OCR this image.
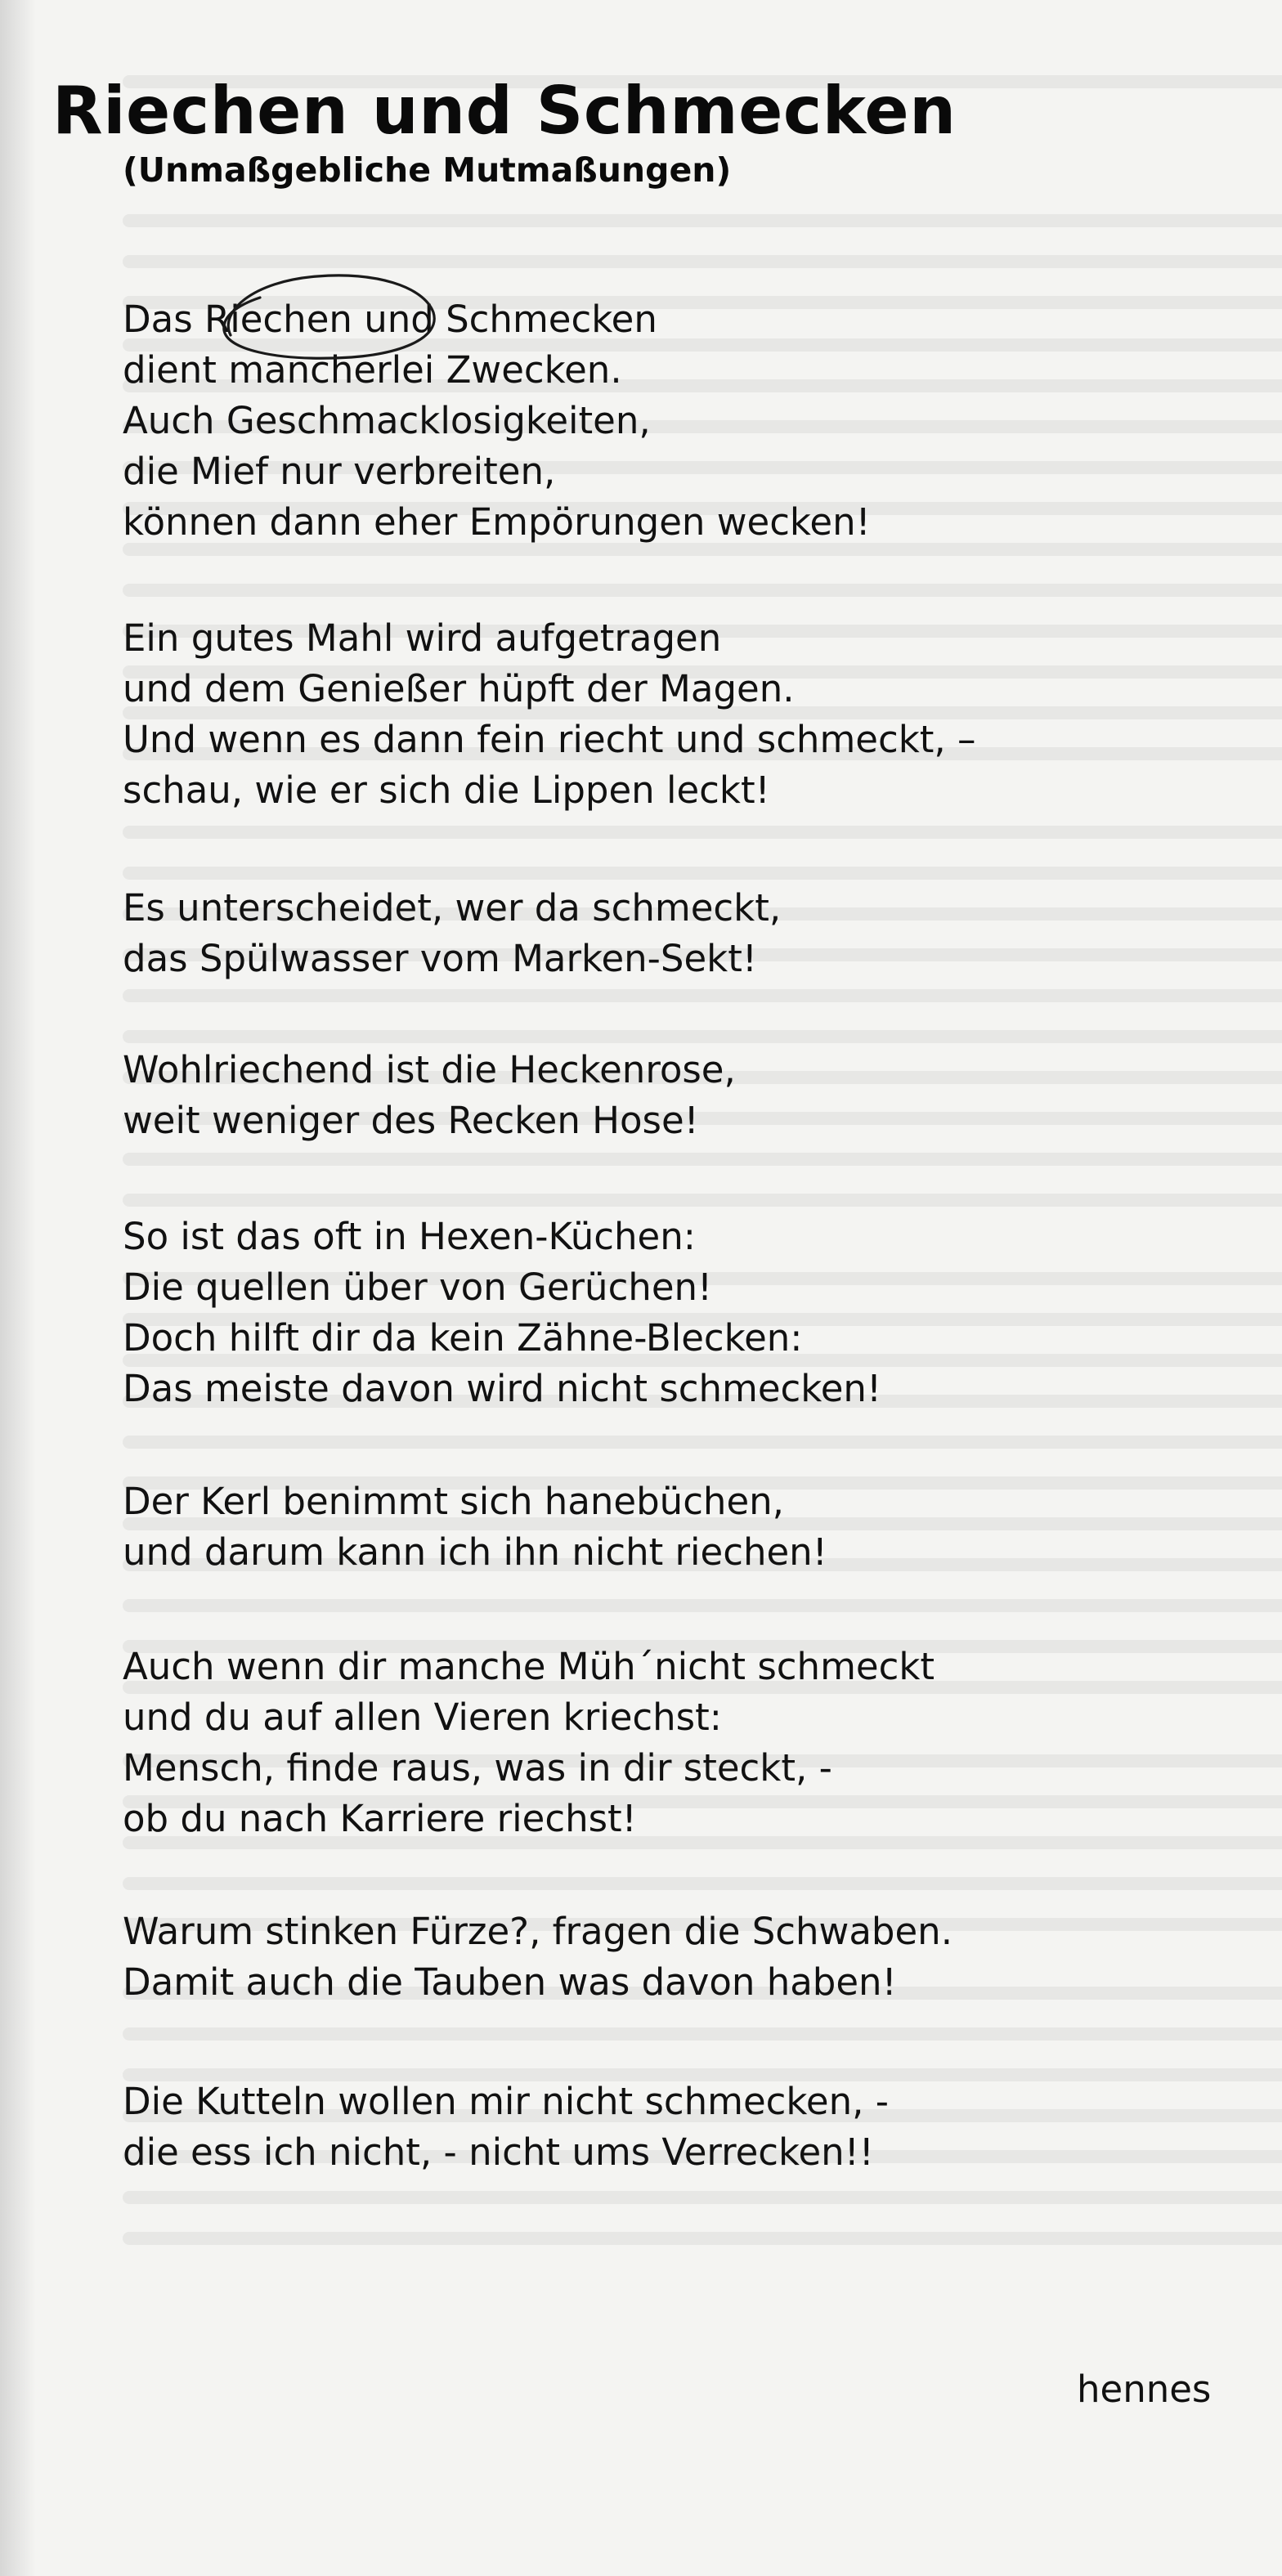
Riechen und Schmecken
(Unmaßgebliche Mutmaßungen)

Das Riechen und Schmecken
dient mancherlei Zwecken.
Auch Geschmacklosigkeiten,
die Mief nur verbreiten,
können dann eher Empörungen wecken!

Ein gutes Mahl wird aufgetragen
und dem Genießer hüpft der Magen.
Und wenn es dann fein riecht und schmeckt, –
schau, wie er sich die Lippen leckt!

Es unterscheidet, wer da schmeckt,
das Spülwasser vom Marken-Sekt!

Wohlriechend ist die Heckenrose,
weit weniger des Recken Hose!

So ist das oft in Hexen-Küchen:
Die quellen über von Gerüchen!
Doch hilft dir da kein Zähne-Blecken:
Das meiste davon wird nicht schmecken!

Der Kerl benimmt sich hanebüchen,
und darum kann ich ihn nicht riechen!

Auch wenn dir manche Müh´nicht schmeckt
und du auf allen Vieren kriechst:
Mensch, finde raus, was in dir steckt, -
ob du nach Karriere riechst!

Warum stinken Fürze?, fragen die Schwaben.
Damit auch die Tauben was davon haben!

Die Kutteln wollen mir nicht schmecken, -
die ess ich nicht, - nicht ums Verrecken!!

hennes
